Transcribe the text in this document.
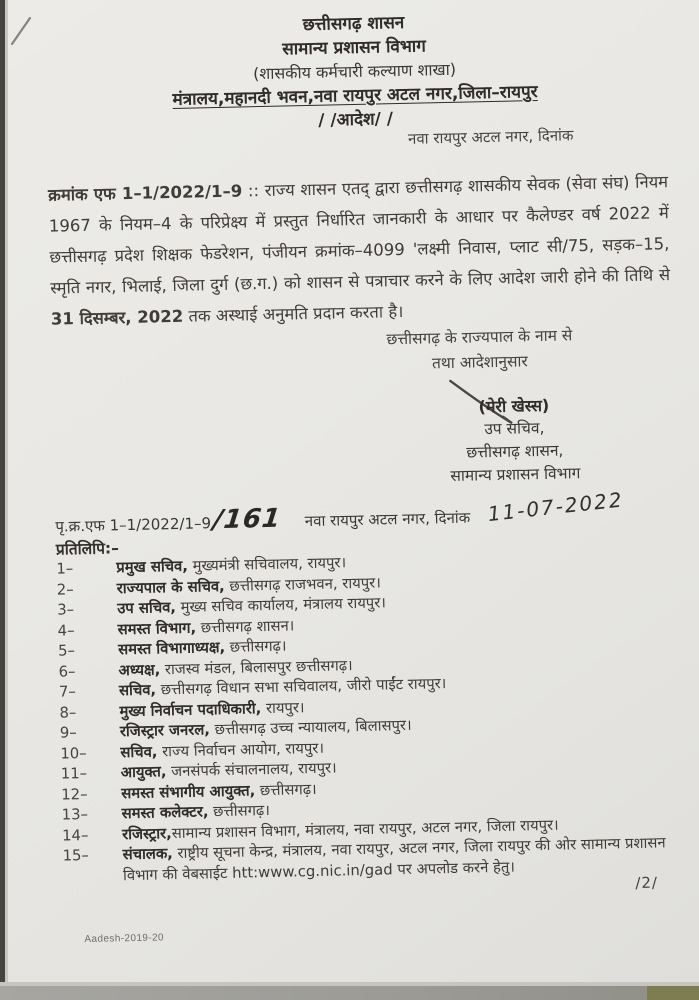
छत्तीसगढ़ शासन
सामान्य प्रशासन विभाग
(शासकीय कर्मचारी कल्याण शाखा)
मंत्रालय,महानदी भवन,नवा रायपुर अटल नगर,जिला–रायपुर
/ /आदेश/ /
नवा रायपुर अटल नगर, दिनांक

क्रमांक एफ 1–1/2022/1–9 :: राज्य शासन एतद् द्वारा छत्तीसगढ़ शासकीय सेवक (सेवा संघ) नियम 1967 के नियम–4 के परिप्रेक्ष्य में प्रस्तुत निर्धारित जानकारी के आधार पर कैलेण्डर वर्ष 2022 में छत्तीसगढ़ प्रदेश शिक्षक फेडरेशन, पंजीयन क्रमांक–4099 'लक्ष्मी निवास, प्लाट सी/75, सड़क–15, स्मृति नगर, भिलाई, जिला दुर्ग (छ.ग.) को शासन से पत्राचार करने के लिए आदेश जारी होने की तिथि से 31 दिसम्बर, 2022 तक अस्थाई अनुमति प्रदान करता है।

छत्तीसगढ़ के राज्यपाल के नाम से
तथा आदेशानुसार
(मेरी खेस्स)
उप सचिव,
छत्तीसगढ़ शासन,
सामान्य प्रशासन विभाग
पृ.क्र.एफ 1–1/2022/1–9 /161 नवा रायपुर अटल नगर, दिनांक 11-07-2022
प्रतिलिपि:–
1–	प्रमुख सचिव, मुख्यमंत्री सचिवालय, रायपुर।
2–	राज्यपाल के सचिव, छत्तीसगढ़ राजभवन, रायपुर।
3–	उप सचिव, मुख्य सचिव कार्यालय, मंत्रालय रायपुर।
4–	समस्त विभाग, छत्तीसगढ़ शासन।
5–	समस्त विभागाध्यक्ष, छत्तीसगढ़।
6–	अध्यक्ष, राजस्व मंडल, बिलासपुर छत्तीसगढ़।
7–	सचिव, छत्तीसगढ़ विधान सभा सचिवालय, जीरो पाईंट रायपुर।
8–	मुख्य निर्वाचन पदाधिकारी, रायपुर।
9–	रजिस्ट्रार जनरल, छत्तीसगढ़ उच्च न्यायालय, बिलासपुर।
10–	सचिव, राज्य निर्वाचन आयोग, रायपुर।
11–	आयुक्त, जनसंपर्क संचालनालय, रायपुर।
12–	समस्त संभागीय आयुक्त, छत्तीसगढ़।
13–	समस्त कलेक्टर, छत्तीसगढ़।
14–	रजिस्ट्रार,सामान्य प्रशासन विभाग, मंत्रालय, नवा रायपुर, अटल नगर, जिला रायपुर।
15–	संचालक, राष्ट्रीय सूचना केन्द्र, मंत्रालय, नवा रायपुर, अटल नगर, जिला रायपुर की ओर सामान्य प्रशासन विभाग की वेबसाईट htt:www.cg.nic.in/gad पर अपलोड करने हेतु।	/2/
Aadesh-2019-20
